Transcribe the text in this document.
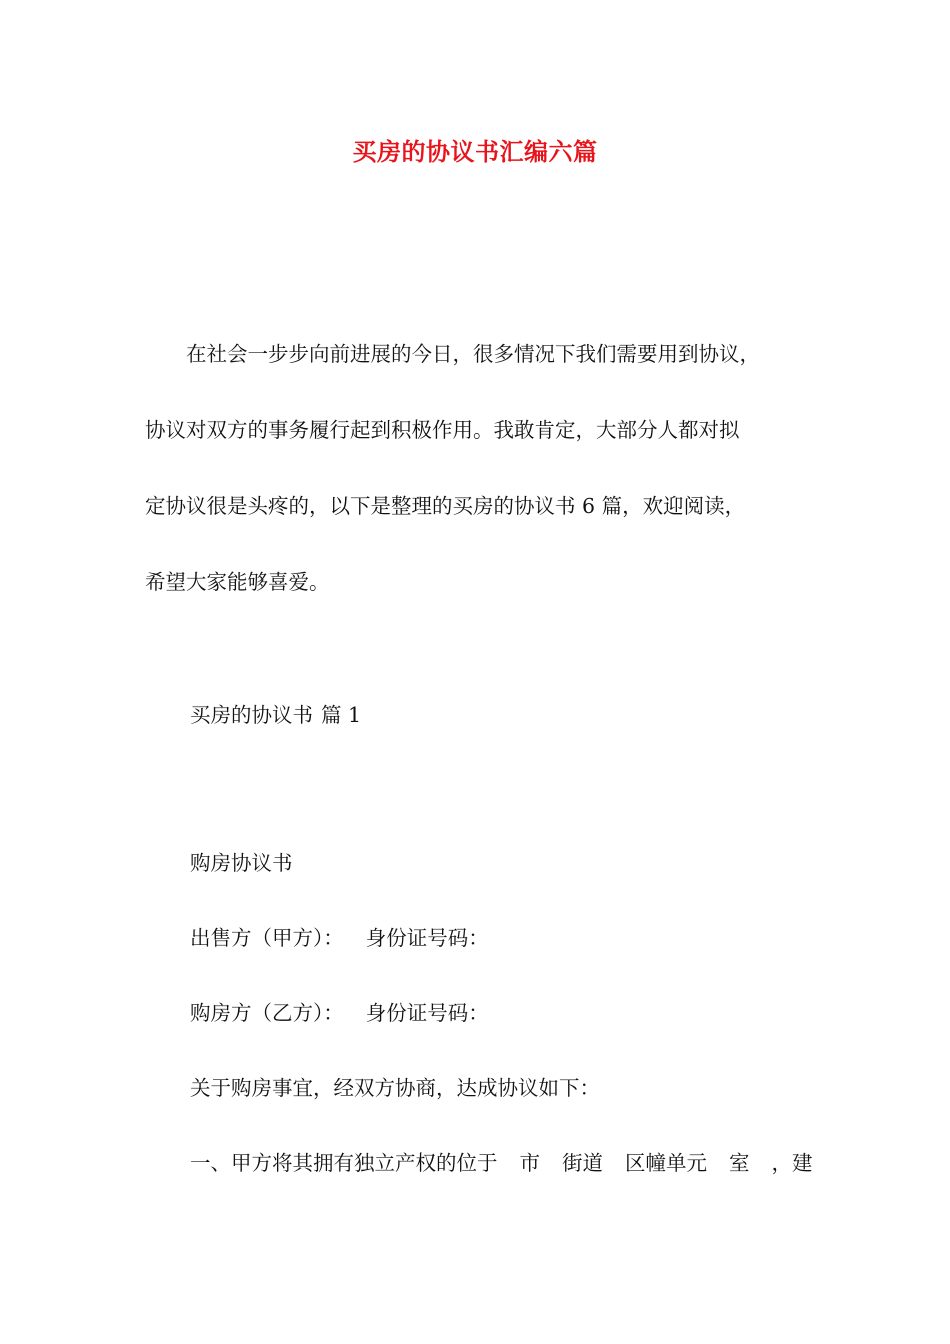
买房的协议书汇编六篇
　　在社会一步步向前进展的今日，很多情况下我们需要用到协议，
协议对双方的事务履行起到积极作用。我敢肯定，大部分人都对拟
定协议很是头疼的，以下是整理的买房的协议书 6 篇，欢迎阅读，
希望大家能够喜爱。
买房的协议书 篇 1
购房协议书
出售方（甲方）： 身份证号码：
购房方（乙方）： 身份证号码：
关于购房事宜，经双方协商，达成协议如下：
一、甲方将其拥有独立产权的位于 市 街道 区幢单元 室 ，建
